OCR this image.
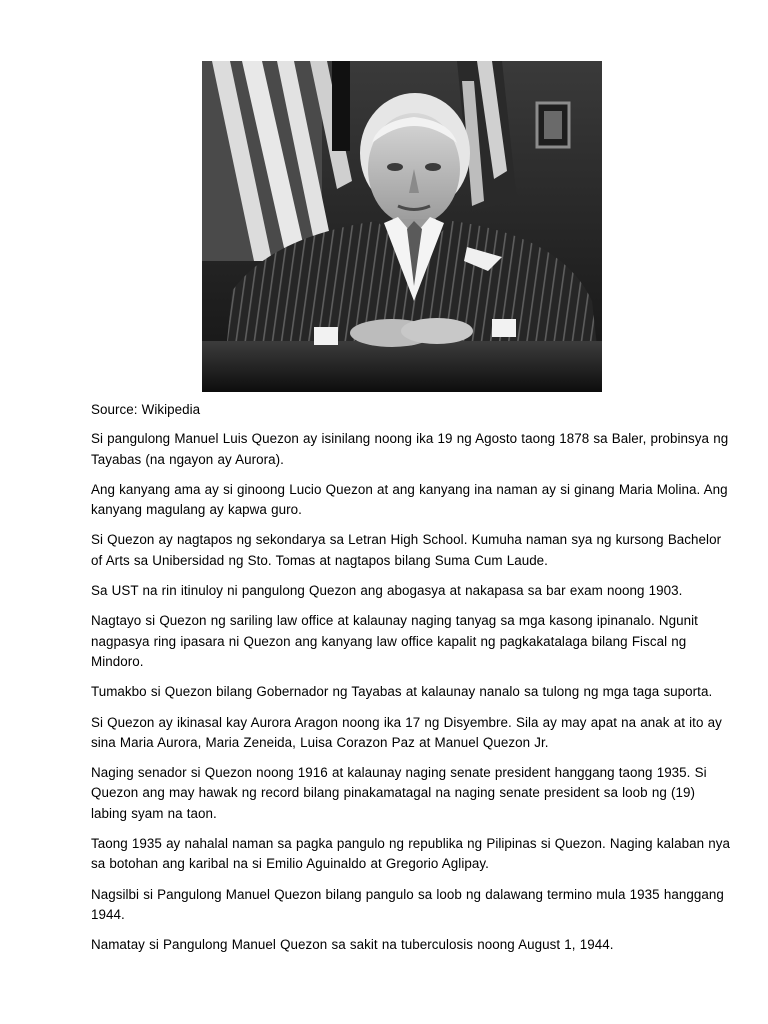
Source: Wikipedia

Si pangulong Manuel Luis Quezon ay isinilang noong ika 19 ng Agosto taong 1878 sa Baler, probinsya ng Tayabas (na ngayon ay Aurora).

Ang kanyang ama ay si ginoong Lucio Quezon at ang kanyang ina naman ay si ginang Maria Molina. Ang kanyang magulang ay kapwa guro.

Si Quezon ay nagtapos ng sekondarya sa Letran High School. Kumuha naman sya ng kursong Bachelor of Arts sa Unibersidad ng Sto. Tomas at nagtapos bilang Suma Cum Laude.

Sa UST na rin itinuloy ni pangulong Quezon ang abogasya at nakapasa sa bar exam noong 1903.

Nagtayo si Quezon ng sariling law office at kalaunay naging tanyag sa mga kasong ipinanalo. Ngunit nagpasya ring ipasara ni Quezon ang kanyang law office kapalit ng pagkakatalaga bilang Fiscal ng Mindoro.

Tumakbo si Quezon bilang Gobernador ng Tayabas at kalaunay nanalo sa tulong ng mga taga suporta.

Si Quezon ay ikinasal kay Aurora Aragon noong ika 17 ng Disyembre. Sila ay may apat na anak at ito ay sina Maria Aurora, Maria Zeneida, Luisa Corazon Paz at Manuel Quezon Jr.

Naging senador si Quezon noong 1916 at kalaunay naging senate president hanggang taong 1935. Si Quezon ang may hawak ng record bilang pinakamatagal na naging senate president sa loob ng (19) labing syam na taon.

Taong 1935 ay nahalal naman sa pagka pangulo ng republika ng Pilipinas si Quezon. Naging kalaban nya sa botohan ang karibal na si Emilio Aguinaldo at Gregorio Aglipay.

Nagsilbi si Pangulong Manuel Quezon bilang pangulo sa loob ng dalawang termino mula 1935 hanggang 1944.

Namatay si Pangulong Manuel Quezon sa sakit na tuberculosis noong August 1, 1944.
